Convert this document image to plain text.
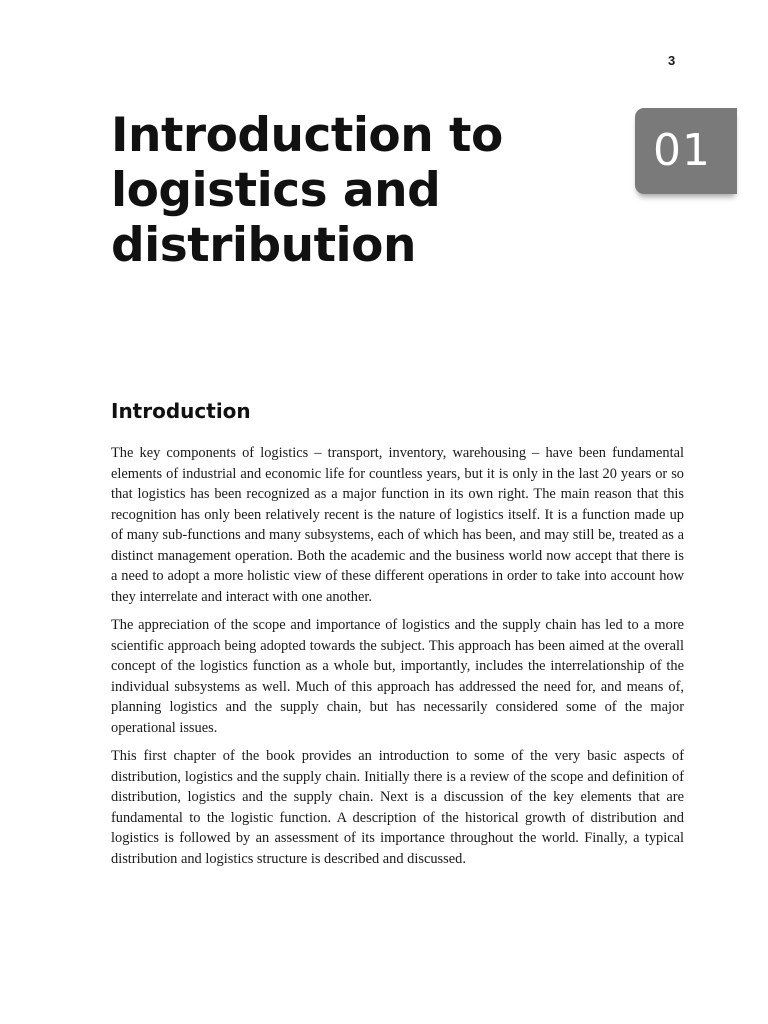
3
Introduction to
logistics and
distribution
01
Introduction

The key components of logistics – transport, inventory, warehousing – have been fundamental elements of industrial and economic life for countless years, but it is only in the last 20 years or so that logistics has been recognized as a major function in its own right. The main reason that this recognition has only been relatively recent is the nature of logistics itself. It is a function made up of many sub-functions and many subsystems, each of which has been, and may still be, treated as a distinct management operation. Both the academic and the business world now accept that there is a need to adopt a more holistic view of these different operations in order to take into account how they interrelate and interact with one another.

The appreciation of the scope and importance of logistics and the supply chain has led to a more scientific approach being adopted towards the subject. This approach has been aimed at the overall concept of the logistics function as a whole but, importantly, includes the interrelationship of the individual subsystems as well. Much of this approach has addressed the need for, and means of, planning logistics and the supply chain, but has necessarily considered some of the major operational issues.

This first chapter of the book provides an introduction to some of the very basic aspects of distribution, logistics and the supply chain. Initially there is a review of the scope and definition of distribution, logistics and the supply chain. Next is a discussion of the key elements that are fundamental to the logistic function. A description of the historical growth of distribution and logistics is followed by an assessment of its importance throughout the world. Finally, a typical distribution and logistics structure is described and discussed.
